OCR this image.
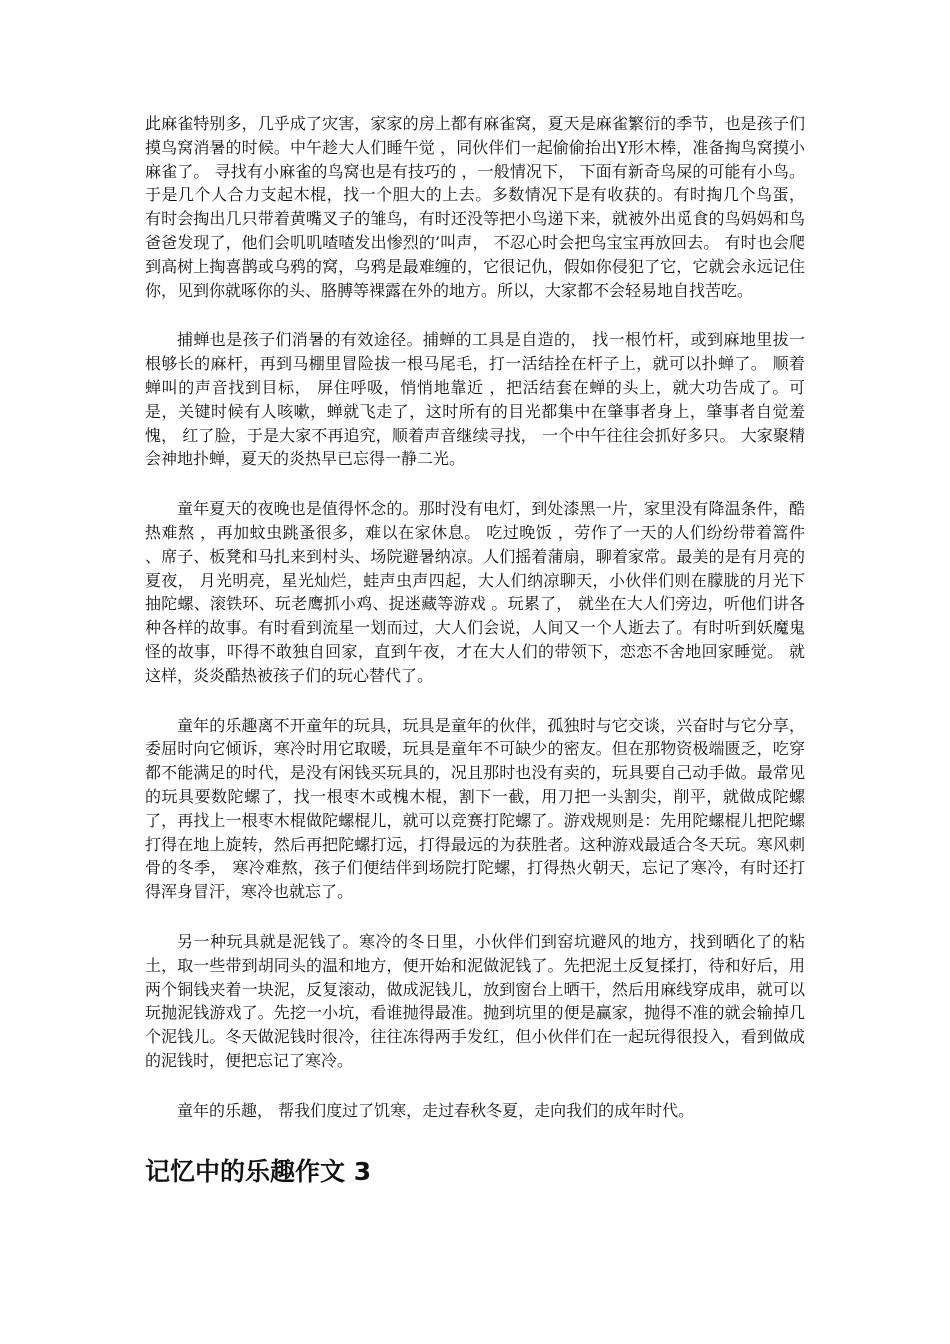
此麻雀特别多，几乎成了灾害，家家的房上都有麻雀窝，夏天是麻雀繁衍的季节，也是孩子们摸鸟窝消暑的时候。中午趁大人们睡午觉 ，同伙伴们一起偷偷抬出Y形木棒，准备掏鸟窝摸小麻雀了。 寻找有小麻雀的鸟窝也是有技巧的 ，一般情况下， 下面有新奇鸟屎的可能有小鸟。于是几个人合力支起木棍，找一个胆大的上去。多数情况下是有收获的。有时掏几个鸟蛋， 有时会掏出几只带着黄嘴叉子的雏鸟，有时还没等把小鸟递下来，就被外出觅食的鸟妈妈和鸟爸爸发现了，他们会叽叽喳喳发出惨烈的’叫声， 不忍心时会把鸟宝宝再放回去。 有时也会爬到高树上掏喜鹊或乌鸦的窝，乌鸦是最难缠的，它很记仇，假如你侵犯了它，它就会永远记住你，见到你就啄你的头、胳膊等裸露在外的地方。所以，大家都不会轻易地自找苦吃。

捕蝉也是孩子们消暑的有效途径。捕蝉的工具是自造的， 找一根竹杆，或到麻地里拔一根够长的麻杆，再到马棚里冒险拔一根马尾毛，打一活结拴在杆子上，就可以扑蝉了。 顺着蝉叫的声音找到目标， 屏住呼吸，悄悄地靠近 ，把活结套在蝉的头上，就大功告成了。可是，关键时候有人咳嗽，蝉就飞走了，这时所有的目光都集中在肇事者身上，肇事者自觉羞愧， 红了脸，于是大家不再追究，顺着声音继续寻找， 一个中午往往会抓好多只。 大家聚精会神地扑蝉，夏天的炎热早已忘得一静二光。

童年夏天的夜晚也是值得怀念的。那时没有电灯，到处漆黑一片，家里没有降温条件，酷热难熬 ，再加蚊虫跳蚤很多，难以在家休息。 吃过晚饭 ，劳作了一天的人们纷纷带着篙件 、席子、板凳和马扎来到村头、场院避暑纳凉。人们摇着蒲扇，聊着家常。最美的是有月亮的夏夜， 月光明亮，星光灿烂，蛙声虫声四起，大人们纳凉聊天，小伙伴们则在朦胧的月光下抽陀螺、滚铁环、玩老鹰抓小鸡、捉迷藏等游戏 。玩累了， 就坐在大人们旁边，听他们讲各种各样的故事。有时看到流星一划而过，大人们会说，人间又一个人逝去了。有时听到妖魔鬼怪的故事，吓得不敢独自回家，直到午夜，才在大人们的带领下，恋恋不舍地回家睡觉。 就这样，炎炎酷热被孩子们的玩心替代了。

童年的乐趣离不开童年的玩具，玩具是童年的伙伴，孤独时与它交谈，兴奋时与它分享，委屈时向它倾诉，寒冷时用它取暖，玩具是童年不可缺少的密友。但在那物资极端匮乏，吃穿都不能满足的时代，是没有闲钱买玩具的，况且那时也没有卖的，玩具要自己动手做。最常见的玩具要数陀螺了，找一根枣木或槐木棍，割下一截，用刀把一头割尖，削平，就做成陀螺了，再找上一根枣木棍做陀螺棍儿，就可以竞赛打陀螺了。游戏规则是：先用陀螺棍儿把陀螺打得在地上旋转，然后再把陀螺打远，打得最远的为获胜者。这种游戏最适合冬天玩。寒风刺骨的冬季， 寒冷难熬，孩子们便结伴到场院打陀螺，打得热火朝天，忘记了寒冷，有时还打得浑身冒汗，寒冷也就忘了。

另一种玩具就是泥钱了。寒冷的冬日里，小伙伴们到窑坑避风的地方，找到晒化了的粘土，取一些带到胡同头的温和地方，便开始和泥做泥钱了。先把泥土反复揉打，待和好后，用两个铜钱夹着一块泥，反复滚动，做成泥钱儿，放到窗台上晒干，然后用麻线穿成串，就可以玩抛泥钱游戏了。先挖一小坑，看谁抛得最准。抛到坑里的便是赢家，抛得不准的就会输掉几个泥钱儿。冬天做泥钱时很冷，往往冻得两手发红，但小伙伴们在一起玩得很投入，看到做成的泥钱时，便把忘记了寒冷。

童年的乐趣， 帮我们度过了饥寒，走过春秋冬夏，走向我们的成年时代。

记忆中的乐趣作文 3
